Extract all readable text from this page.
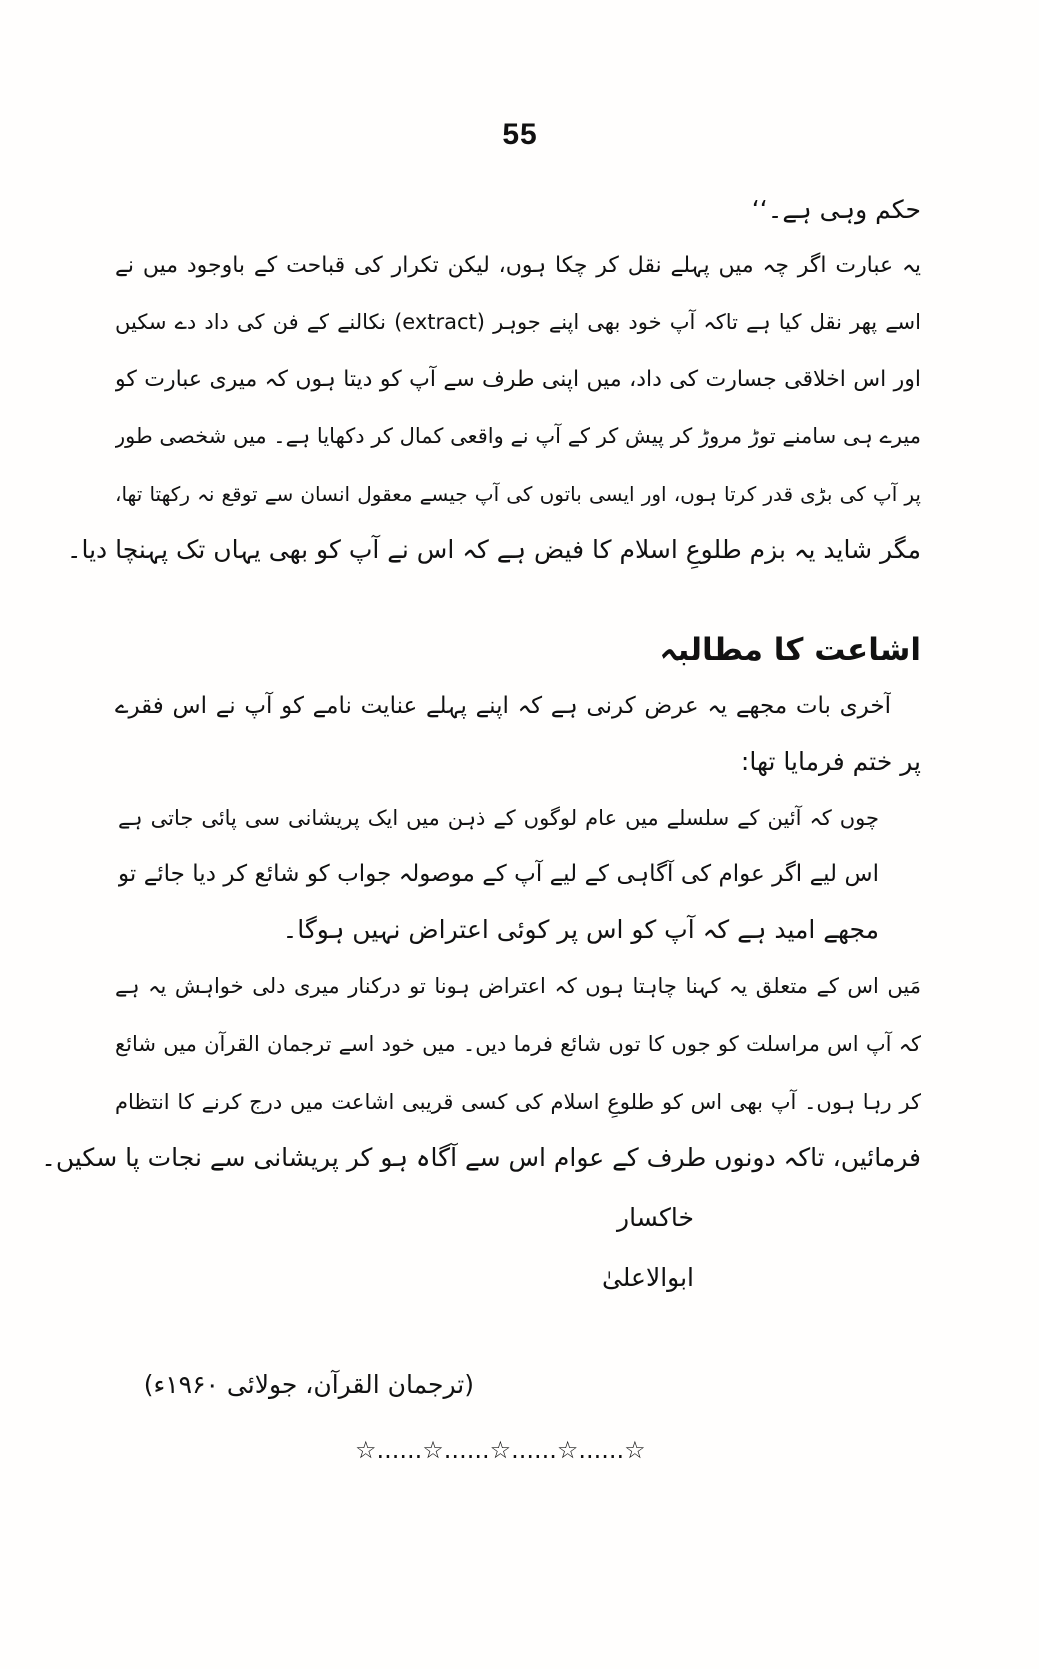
55
حکم وہی ہے۔‘‘
یہ عبارت اگر چہ میں پہلے نقل کر چکا ہوں، لیکن تکرار کی قباحت کے باوجود میں نے
اسے پھر نقل کیا ہے تاکہ آپ خود بھی اپنے جوہر (extract) نکالنے کے فن کی داد دے سکیں
اور اس اخلاقی جسارت کی داد، میں اپنی طرف سے آپ کو دیتا ہوں کہ میری عبارت کو
میرے ہی سامنے توڑ مروڑ کر پیش کر کے آپ نے واقعی کمال کر دکھایا ہے۔ میں شخصی طور
پر آپ کی بڑی قدر کرتا ہوں، اور ایسی باتوں کی آپ جیسے معقول انسان سے توقع نہ رکھتا تھا،
مگر شاید یہ بزم طلوعِ اسلام کا فیض ہے کہ اس نے آپ کو بھی یہاں تک پہنچا دیا۔
اشاعت کا مطالبہ
آخری بات مجھے یہ عرض کرنی ہے کہ اپنے پہلے عنایت نامے کو آپ نے اس فقرے
پر ختم فرمایا تھا:
چوں کہ آئین کے سلسلے میں عام لوگوں کے ذہن میں ایک پریشانی سی پائی جاتی ہے
اس لیے اگر عوام کی آگاہی کے لیے آپ کے موصولہ جواب کو شائع کر دیا جائے تو
مجھے امید ہے کہ آپ کو اس پر کوئی اعتراض نہیں ہوگا۔
مَیں اس کے متعلق یہ کہنا چاہتا ہوں کہ اعتراض ہونا تو درکنار میری دلی خواہش یہ ہے
کہ آپ اس مراسلت کو جوں کا توں شائع فرما دیں۔ میں خود اسے ترجمان القرآن میں شائع
کر رہا ہوں۔ آپ بھی اس کو طلوعِ اسلام کی کسی قریبی اشاعت میں درج کرنے کا انتظام
فرمائیں، تاکہ دونوں طرف کے عوام اس سے آگاہ ہو کر پریشانی سے نجات پا سکیں۔
خاکسار
ابوالاعلیٰ
(ترجمان القرآن، جولائی ۱۹۶۰ء)
☆......☆......☆......☆......☆
